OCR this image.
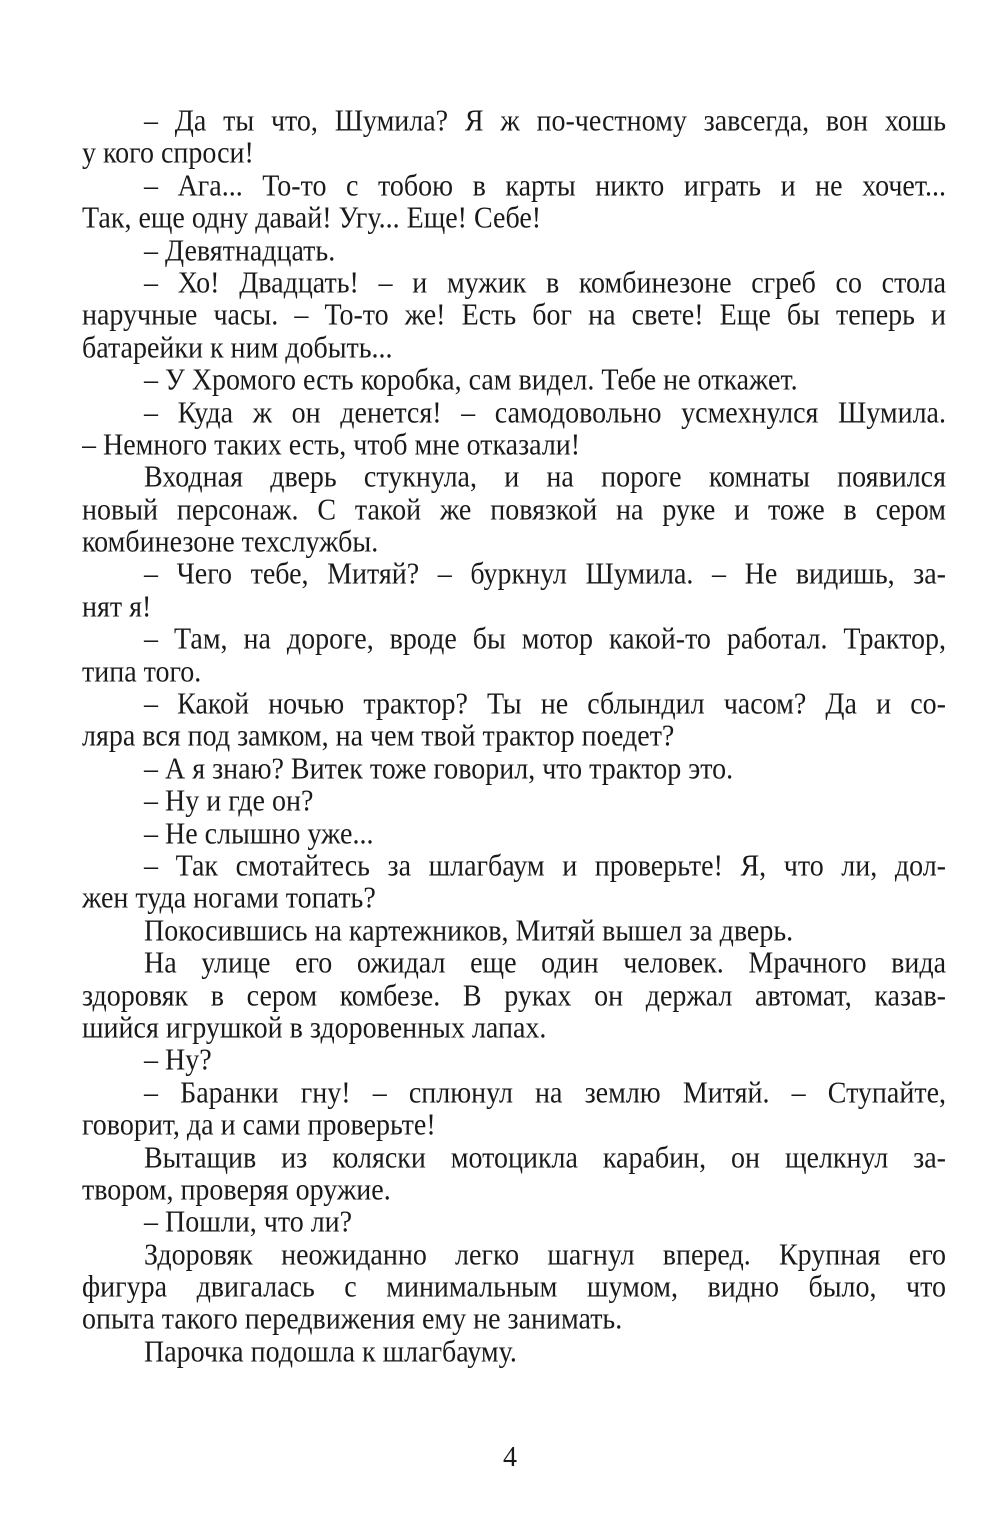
– Да ты что, Шумила? Я ж по-честному завсегда, вон хошь
у кого спроси!
– Ага... То-то с тобою в карты никто играть и не хочет...
Так, еще одну давай! Угу... Еще! Себе!
– Девятнадцать.
– Хо! Двадцать! – и мужик в комбинезоне сгреб со стола
наручные часы. – То-то же! Есть бог на свете! Еще бы теперь и
батарейки к ним добыть...
– У Хромого есть коробка, сам видел. Тебе не откажет.
– Куда ж он денется! – самодовольно усмехнулся Шумила.
– Немного таких есть, чтоб мне отказали!
Входная дверь стукнула, и на пороге комнаты появился
новый персонаж. С такой же повязкой на руке и тоже в сером
комбинезоне техслужбы.
– Чего тебе, Митяй? – буркнул Шумила. – Не видишь, за-
нят я!
– Там, на дороге, вроде бы мотор какой-то работал. Трактор,
типа того.
– Какой ночью трактор? Ты не сблындил часом? Да и со-
ляра вся под замком, на чем твой трактор поедет?
– А я знаю? Витек тоже говорил, что трактор это.
– Ну и где он?
– Не слышно уже...
– Так смотайтесь за шлагбаум и проверьте! Я, что ли, дол-
жен туда ногами топать?
Покосившись на картежников, Митяй вышел за дверь.
На улице его ожидал еще один человек. Мрачного вида
здоровяк в сером комбезе. В руках он держал автомат, казав-
шийся игрушкой в здоровенных лапах.
– Ну?
– Баранки гну! – сплюнул на землю Митяй. – Ступайте,
говорит, да и сами проверьте!
Вытащив из коляски мотоцикла карабин, он щелкнул за-
твором, проверяя оружие.
– Пошли, что ли?
Здоровяк неожиданно легко шагнул вперед. Крупная его
фигура двигалась с минимальным шумом, видно было, что
опыта такого передвижения ему не занимать.
Парочка подошла к шлагбауму.
4
